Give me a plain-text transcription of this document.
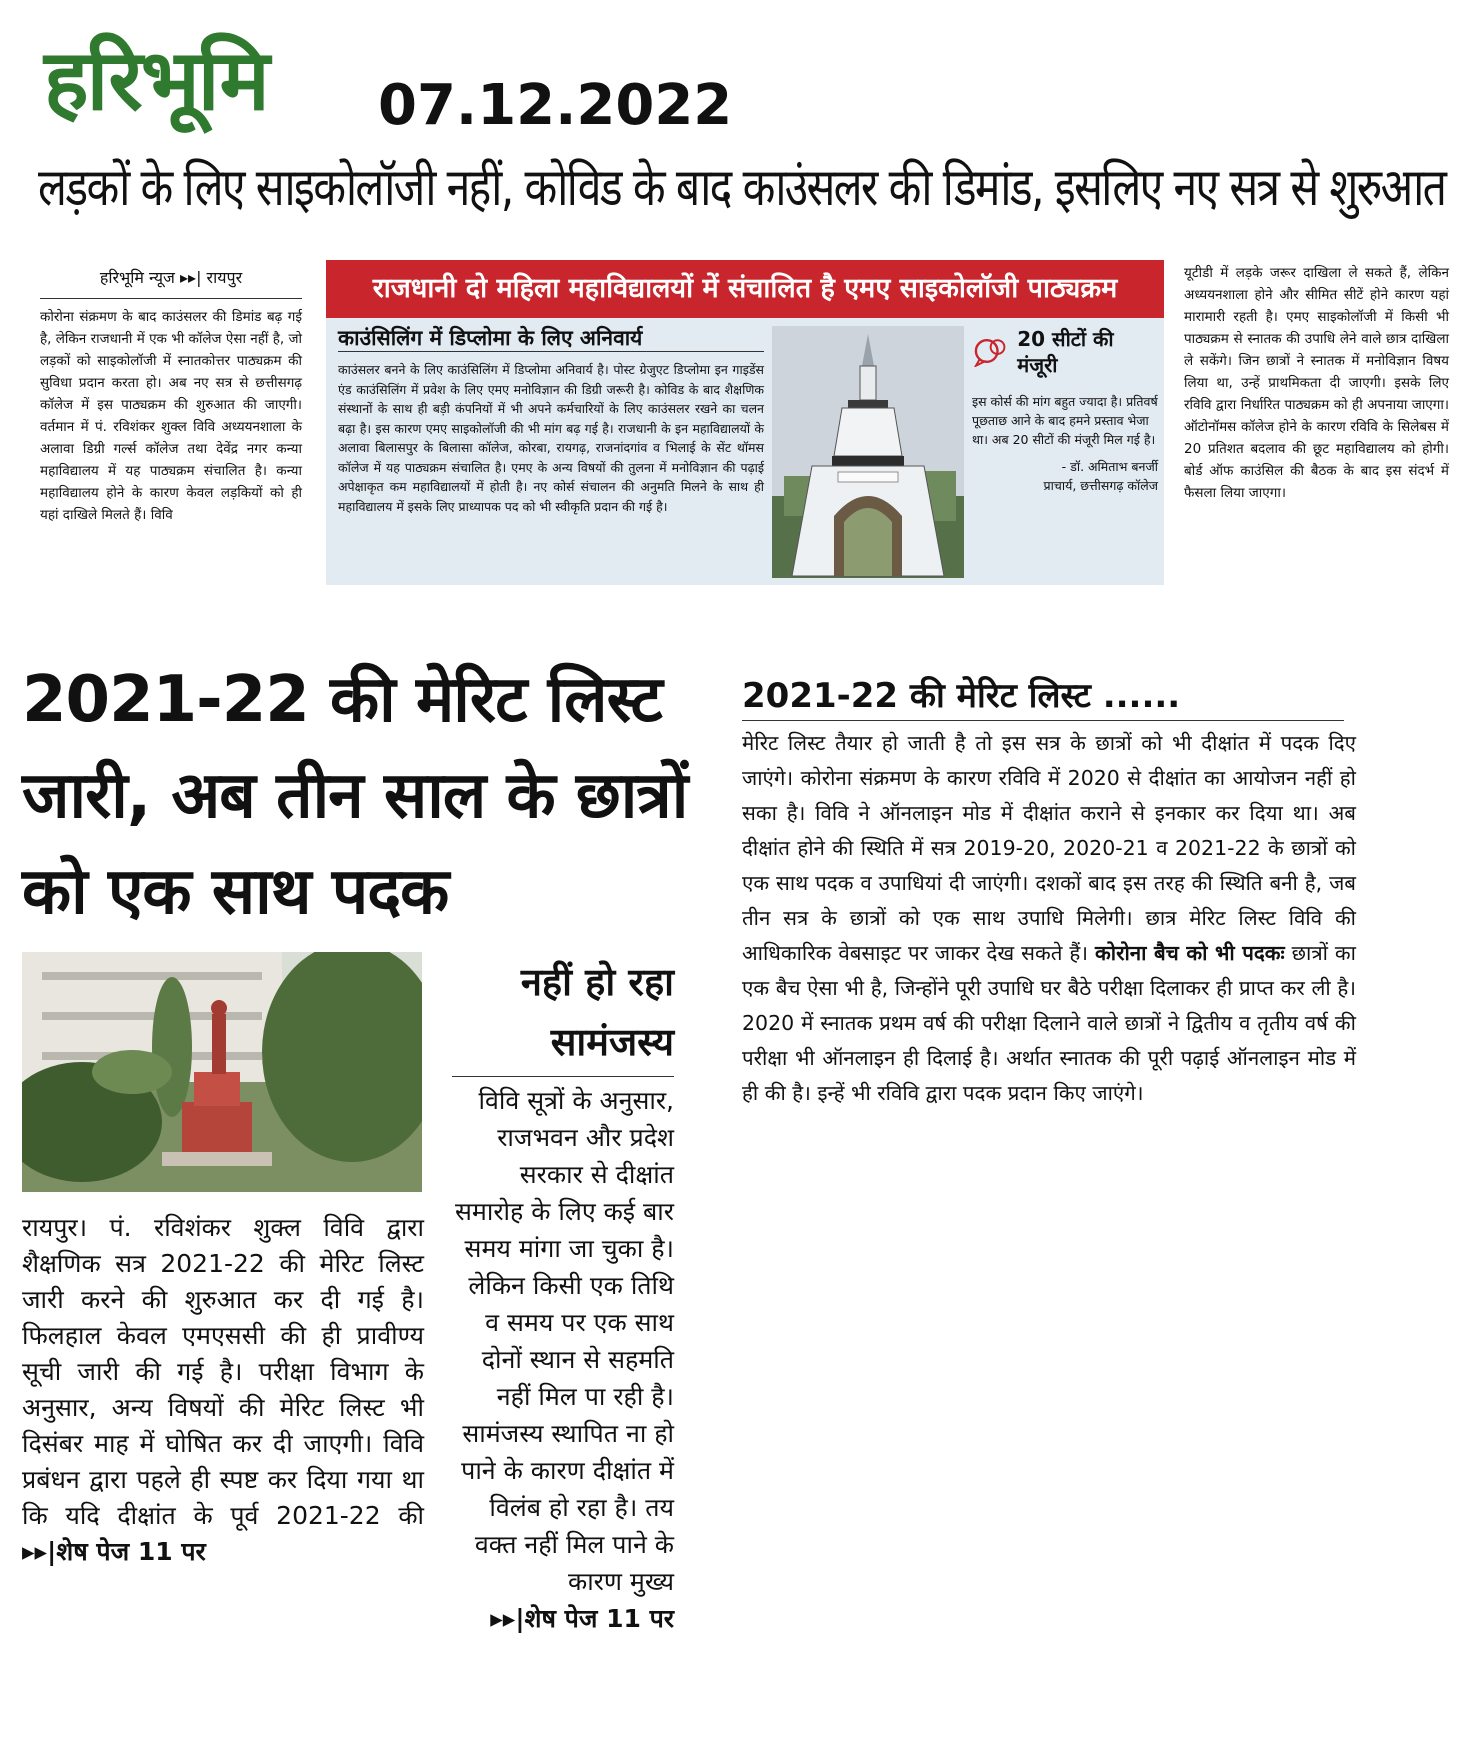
हरिभूमि 07.12.2022
लड़कों के लिए साइकोलॉजी नहीं, कोविड के बाद काउंसलर की डिमांड, इसलिए नए सत्र से शुरुआत
हरिभूमि न्यूज ▸▸| रायपुर
कोरोना संक्रमण के बाद काउंसलर की डिमांड बढ़ गई है, लेकिन राजधानी में एक भी कॉलेज ऐसा नहीं है, जो लड़कों को साइकोलॉजी में स्नातकोत्तर पाठ्यक्रम की सुविधा प्रदान करता हो। अब नए सत्र से छत्तीसगढ़ कॉलेज में इस पाठ्यक्रम की शुरुआत की जाएगी। वर्तमान में पं. रविशंकर शुक्ल विवि अध्ययनशाला के अलावा डिग्री गर्ल्स कॉलेज तथा देवेंद्र नगर कन्या महाविद्यालय में यह पाठ्यक्रम संचालित है। कन्या महाविद्यालय होने के कारण केवल लड़कियों को ही यहां दाखिले मिलते हैं। विवि
राजधानी दो महिला महाविद्यालयों में संचालित है एमए साइकोलॉजी पाठ्यक्रम
काउंसिलिंग में डिप्लोमा के लिए अनिवार्य
काउंसलर बनने के लिए काउंसिलिंग में डिप्लोमा अनिवार्य है। पोस्ट ग्रेजुएट डिप्लोमा इन गाइडेंस एंड काउंसिलिंग में प्रवेश के लिए एमए मनोविज्ञान की डिग्री जरूरी है। कोविड के बाद शैक्षणिक संस्थानों के साथ ही बड़ी कंपनियों में भी अपने कर्मचारियों के लिए काउंसलर रखने का चलन बढ़ा है। इस कारण एमए साइकोलॉजी की भी मांग बढ़ गई है। राजधानी के इन महाविद्यालयों के अलावा बिलासपुर के बिलासा कॉलेज, कोरबा, रायगढ़, राजनांदगांव व भिलाई के सेंट थॉमस कॉलेज में यह पाठ्यक्रम संचालित है। एमए के अन्य विषयों की तुलना में मनोविज्ञान की पढ़ाई अपेक्षाकृत कम महाविद्यालयों में होती है। नए कोर्स संचालन की अनुमति मिलने के साथ ही महाविद्यालय में इसके लिए प्राध्यापक पद को भी स्वीकृति प्रदान की गई है।
20 सीटों की मंजूरी
इस कोर्स की मांग बहुत ज्यादा है। प्रतिवर्ष पूछताछ आने के बाद हमने प्रस्ताव भेजा था। अब 20 सीटों की मंजूरी मिल गई है।
- डॉ. अमिताभ बनर्जी
प्राचार्य, छत्तीसगढ़ कॉलेज
यूटीडी में लड़के जरूर दाखिला ले सकते हैं, लेकिन अध्ययनशाला होने और सीमित सीटें होने कारण यहां मारामारी रहती है। एमए साइकोलॉजी में किसी भी पाठ्यक्रम से स्नातक की उपाधि लेने वाले छात्र दाखिला ले सकेंगे। जिन छात्रों ने स्नातक में मनोविज्ञान विषय लिया था, उन्हें प्राथमिकता दी जाएगी। इसके लिए रविवि द्वारा निर्धारित पाठ्यक्रम को ही अपनाया जाएगा। ऑटोनॉमस कॉलेज होने के कारण रविवि के सिलेबस में 20 प्रतिशत बदलाव की छूट महाविद्यालय को होगी। बोर्ड ऑफ काउंसिल की बैठक के बाद इस संदर्भ में फैसला लिया जाएगा।
2021-22 की मेरिट लिस्ट जारी, अब तीन साल के छात्रों को एक साथ पदक
रायपुर। पं. रविशंकर शुक्ल विवि द्वारा शैक्षणिक सत्र 2021-22 की मेरिट लिस्ट जारी करने की शुरुआत कर दी गई है। फिलहाल केवल एमएससी की ही प्रावीण्य सूची जारी की गई है। परीक्षा विभाग के अनुसार, अन्य विषयों की मेरिट लिस्ट भी दिसंबर माह में घोषित कर दी जाएगी। विवि प्रबंधन द्वारा पहले ही स्पष्ट कर दिया गया था कि यदि दीक्षांत के पूर्व 2021-22 की ▸▸|शेष पेज 11 पर
नहीं हो रहा सामंजस्य
विवि सूत्रों के अनुसार, राजभवन और प्रदेश सरकार से दीक्षांत समारोह के लिए कई बार समय मांगा जा चुका है। लेकिन किसी एक तिथि व समय पर एक साथ दोनों स्थान से सहमति नहीं मिल पा रही है। सामंजस्य स्थापित ना हो पाने के कारण दीक्षांत में विलंब हो रहा है। तय वक्त नहीं मिल पाने के कारण मुख्य ▸▸|शेष पेज 11 पर
2021-22 की मेरिट लिस्ट ......
मेरिट लिस्ट तैयार हो जाती है तो इस सत्र के छात्रों को भी दीक्षांत में पदक दिए जाएंगे। कोरोना संक्रमण के कारण रविवि में 2020 से दीक्षांत का आयोजन नहीं हो सका है। विवि ने ऑनलाइन मोड में दीक्षांत कराने से इनकार कर दिया था। अब दीक्षांत होने की स्थिति में सत्र 2019-20, 2020-21 व 2021-22 के छात्रों को एक साथ पदक व उपाधियां दी जाएंगी। दशकों बाद इस तरह की स्थिति बनी है, जब तीन सत्र के छात्रों को एक साथ उपाधि मिलेगी। छात्र मेरिट लिस्ट विवि की आधिकारिक वेबसाइट पर जाकर देख सकते हैं। कोरोना बैच को भी पदकः छात्रों का एक बैच ऐसा भी है, जिन्होंने पूरी उपाधि घर बैठे परीक्षा दिलाकर ही प्राप्त कर ली है। 2020 में स्नातक प्रथम वर्ष की परीक्षा दिलाने वाले छात्रों ने द्वितीय व तृतीय वर्ष की परीक्षा भी ऑनलाइन ही दिलाई है। अर्थात स्नातक की पूरी पढ़ाई ऑनलाइन मोड में ही की है। इन्हें भी रविवि द्वारा पदक प्रदान किए जाएंगे।
